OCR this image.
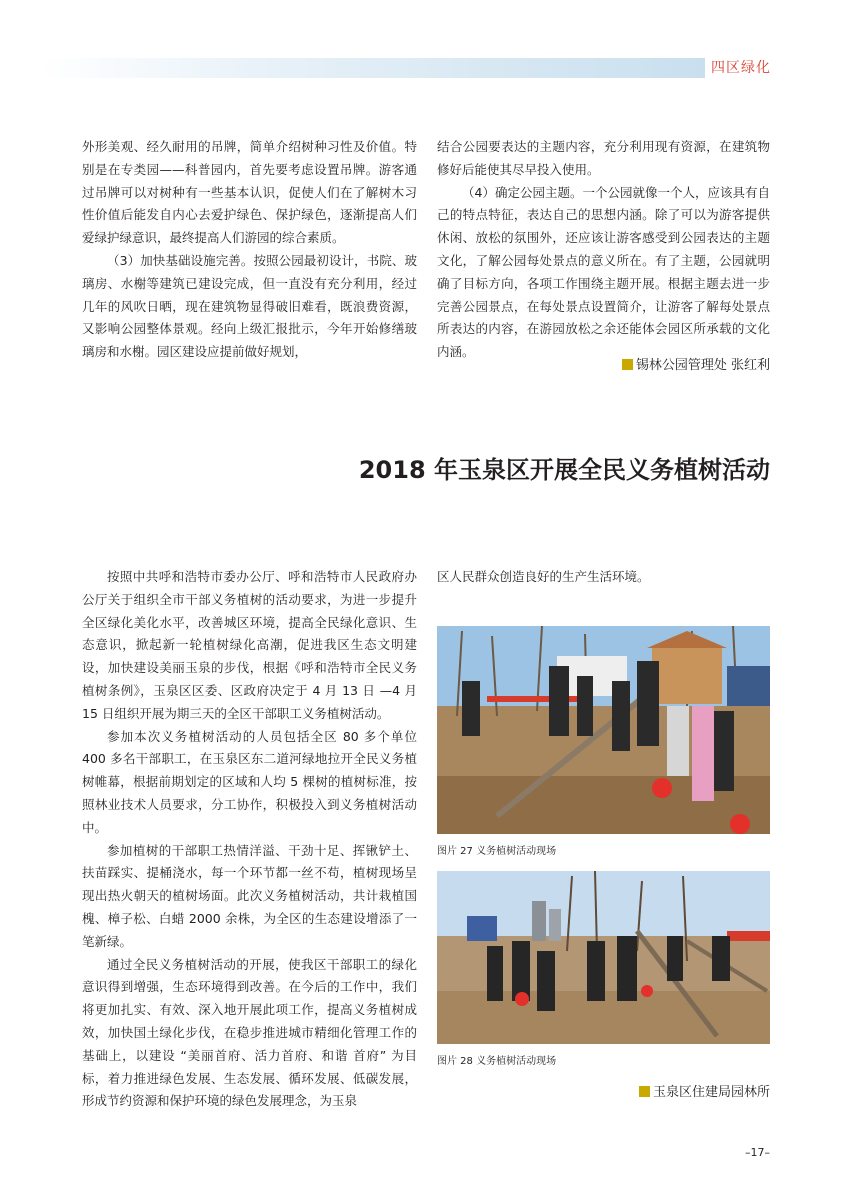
四区绿化

外形美观、经久耐用的吊牌，简单介绍树种习性及价值。特别是在专类园——科普园内，首先要考虑设置吊牌。游客通过吊牌可以对树种有一些基本认识，促使人们在了解树木习性价值后能发自内心去爱护绿色、保护绿色，逐渐提高人们爱绿护绿意识，最终提高人们游园的综合素质。

（3）加快基础设施完善。按照公园最初设计，书院、玻璃房、水榭等建筑已建设完成，但一直没有充分利用，经过几年的风吹日晒，现在建筑物显得破旧难看，既浪费资源，又影响公园整体景观。经向上级汇报批示，今年开始修缮玻璃房和水榭。园区建设应提前做好规划，

结合公园要表达的主题内容，充分利用现有资源，在建筑物修好后能使其尽早投入使用。

（4）确定公园主题。一个公园就像一个人，应该具有自己的特点特征，表达自己的思想内涵。除了可以为游客提供休闲、放松的氛围外，还应该让游客感受到公园表达的主题文化，了解公园每处景点的意义所在。有了主题，公园就明确了目标方向，各项工作围绕主题开展。根据主题去进一步完善公园景点，在每处景点设置简介，让游客了解每处景点所表达的内容，在游园放松之余还能体会园区所承载的文化内涵。

锡林公园管理处 张红利
2018 年玉泉区开展全民义务植树活动

按照中共呼和浩特市委办公厅、呼和浩特市人民政府办公厅关于组织全市干部义务植树的活动要求，为进一步提升全区绿化美化水平，改善城区环境，提高全民绿化意识、生态意识，掀起新一轮植树绿化高潮，促进我区生态文明建设，加快建设美丽玉泉的步伐，根据《呼和浩特市全民义务植树条例》，玉泉区区委、区政府决定于 4 月 13 日 —4 月 15 日组织开展为期三天的全区干部职工义务植树活动。

参加本次义务植树活动的人员包括全区 80 多个单位 400 多名干部职工，在玉泉区东二道河绿地拉开全民义务植树帷幕，根据前期划定的区域和人均 5 棵树的植树标准，按照林业技术人员要求，分工协作，积极投入到义务植树活动中。

参加植树的干部职工热情洋溢、干劲十足、挥锹铲土、扶苗踩实、提桶浇水，每一个环节都一丝不苟，植树现场呈现出热火朝天的植树场面。此次义务植树活动，共计栽植国槐、樟子松、白蜡 2000 余株，为全区的生态建设增添了一笔新绿。

通过全民义务植树活动的开展，使我区干部职工的绿化意识得到增强，生态环境得到改善。在今后的工作中，我们将更加扎实、有效、深入地开展此项工作，提高义务植树成效，加快国土绿化步伐，在稳步推进城市精细化管理工作的基础上，以建设 “美丽首府、活力首府、和谐 首府” 为目标，着力推进绿色发展、生态发展、循环发展、低碳发展，形成节约资源和保护环境的绿色发展理念，为玉泉

区人民群众创造良好的生产生活环境。

图片 27 义务植树活动现场
图片 28 义务植树活动现场
玉泉区住建局园林所
–17–
